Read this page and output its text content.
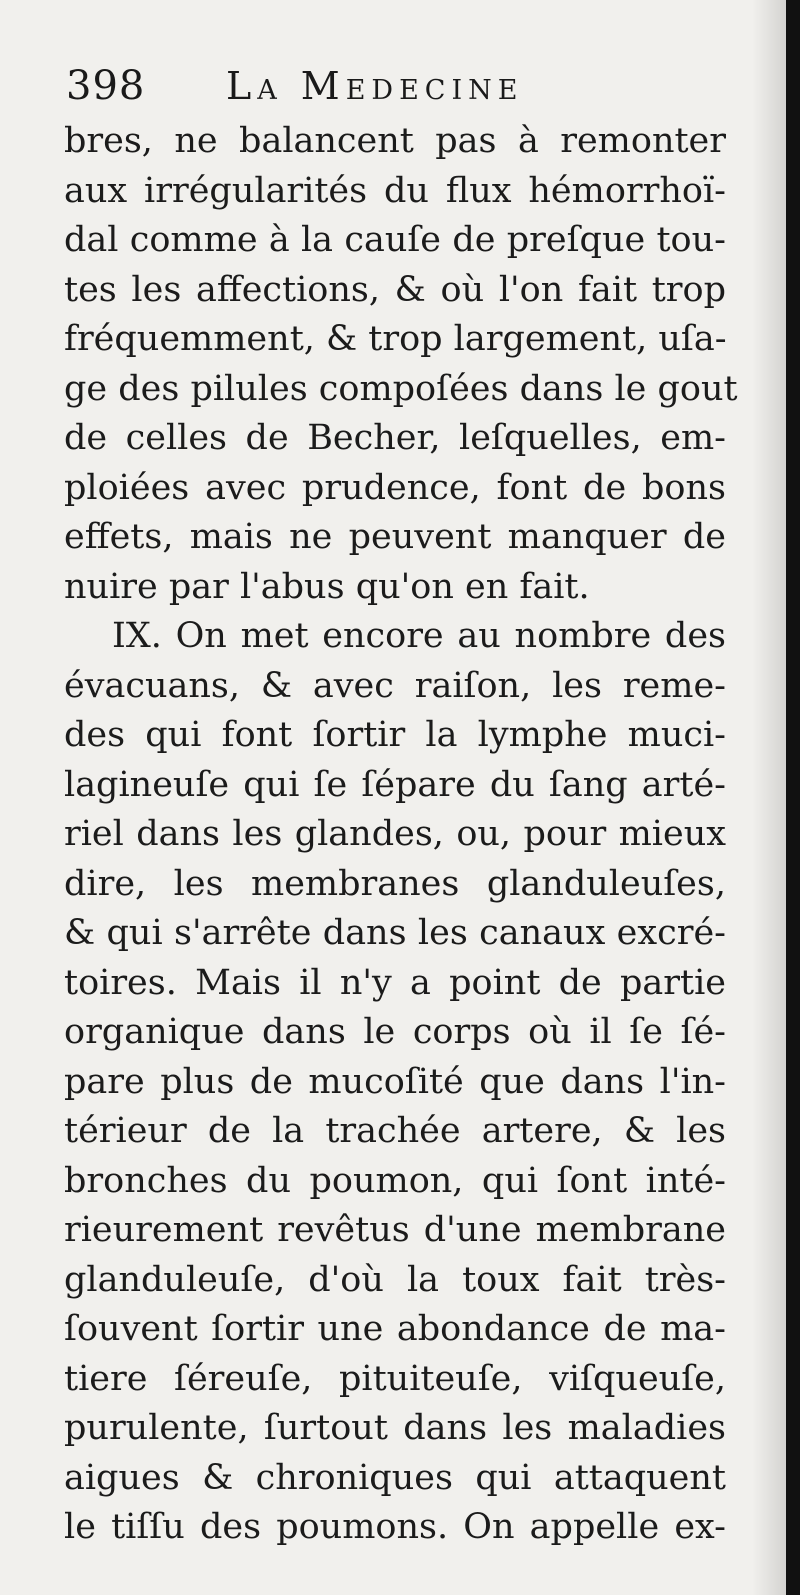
398 La Medecine
bres, ne balancent pas à remonter
aux irrégularités du flux hémorrhoï-
dal comme à la cauſe de preſque tou-
tes les affections, & où l'on fait trop
fréquemment, & trop largement, uſa-
ge des pilules compoſées dans le gout
de celles de Becher, leſquelles, em-
ploiées avec prudence, font de bons
effets, mais ne peuvent manquer de
nuire par l'abus qu'on en fait.
IX. On met encore au nombre des
évacuans, & avec raiſon, les reme-
des qui font ſortir la lymphe muci-
lagineuſe qui ſe ſépare du ſang arté-
riel dans les glandes, ou, pour mieux
dire, les membranes glanduleuſes,
& qui s'arrête dans les canaux excré-
toires. Mais il n'y a point de partie
organique dans le corps où il ſe ſé-
pare plus de mucoſité que dans l'in-
térieur de la trachée artere, & les
bronches du poumon, qui ſont inté-
rieurement revêtus d'une membrane
glanduleuſe, d'où la toux fait très-
ſouvent ſortir une abondance de ma-
tiere ſéreuſe, pituiteuſe, viſqueuſe,
purulente, ſurtout dans les maladies
aigues & chroniques qui attaquent
le tiſſu des poumons. On appelle ex-
